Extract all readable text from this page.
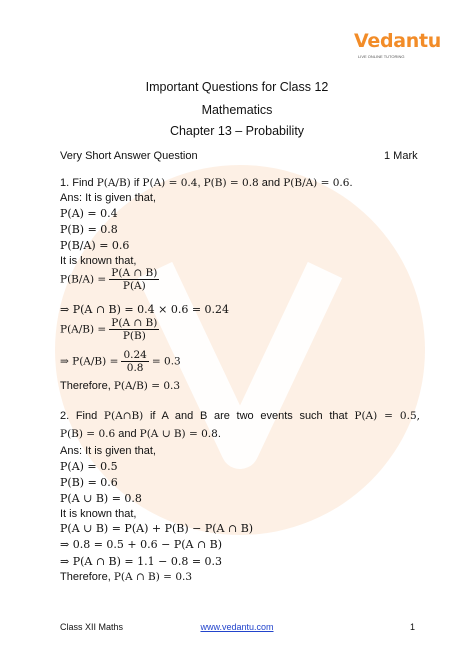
Vedantu
LIVE ONLINE TUTORING
Important Questions for Class 12
Mathematics
Chapter 13 – Probability
Very Short Answer Question	1 Mark
1. Find P(A/B) if P(A) = 0.4, P(B) = 0.8 and P(B/A) = 0.6.
Ans: It is given that,
P(A) = 0.4
P(B) = 0.8
P(B/A) = 0.6
It is known that,
$P(B/A) = \frac{P(A \cap B)}{P(A)}$
⇒ P(A ∩ B) = 0.4 × 0.6 = 0.24
$P(A/B) = \frac{P(A \cap B)}{P(B)}$
⇒ $P(A/B) = \frac{0.24}{0.8} = 0.3$
Therefore, P(A/B) = 0.3
2. Find P(A∩B) if A and B are two events such that P(A) = 0.5,
P(B) = 0.6 and P(A ∪ B) = 0.8.
Ans: It is given that,
P(A) = 0.5
P(B) = 0.6
P(A ∪ B) = 0.8
It is known that,
P(A ∪ B) = P(A) + P(B) − P(A ∩ B)
⇒ 0.8 = 0.5 + 0.6 − P(A ∩ B)
⇒ P(A ∩ B) = 1.1 − 0.8 = 0.3
Therefore, P(A ∩ B) = 0.3
Class XII Maths	www.vedantu.com	1
